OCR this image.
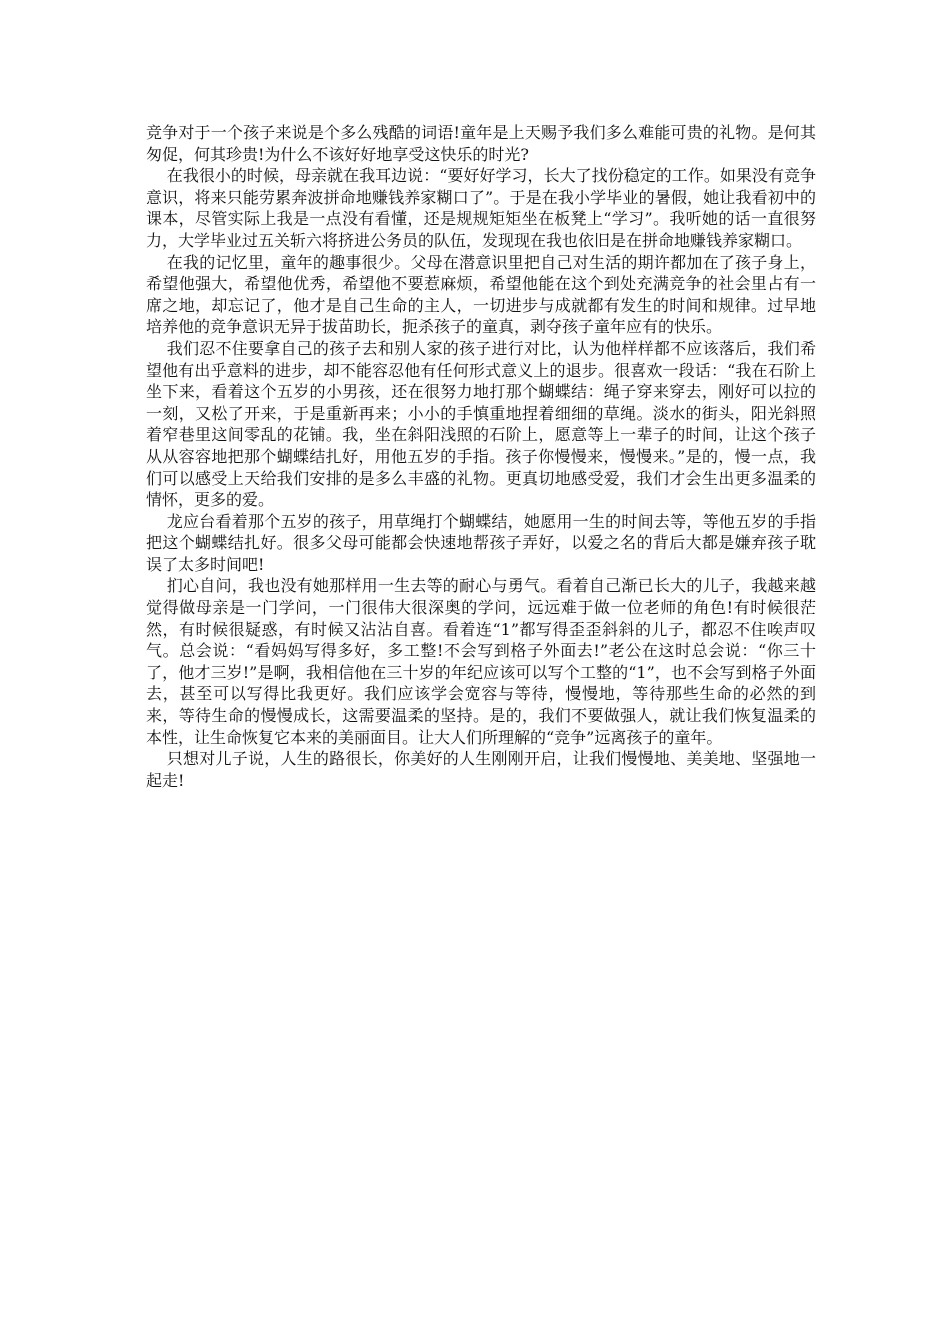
竞争对于一个孩子来说是个多么残酷的词语!童年是上天赐予我们多么难能可贵的礼物。是何其匆促，何其珍贵!为什么不该好好地享受这快乐的时光?

在我很小的时候，母亲就在我耳边说：“要好好学习，长大了找份稳定的工作。如果没有竞争意识，将来只能劳累奔波拼命地赚钱养家糊口了”。于是在我小学毕业的暑假，她让我看初中的课本，尽管实际上我是一点没有看懂，还是规规矩矩坐在板凳上“学习”。我听她的话一直很努力，大学毕业过五关斩六将挤进公务员的队伍，发现现在我也依旧是在拼命地赚钱养家糊口。

在我的记忆里，童年的趣事很少。父母在潜意识里把自己对生活的期许都加在了孩子身上，希望他强大，希望他优秀，希望他不要惹麻烦，希望他能在这个到处充满竞争的社会里占有一席之地，却忘记了，他才是自己生命的主人，一切进步与成就都有发生的时间和规律。过早地培养他的竞争意识无异于拔苗助长，扼杀孩子的童真，剥夺孩子童年应有的快乐。

我们忍不住要拿自己的孩子去和别人家的孩子进行对比，认为他样样都不应该落后，我们希望他有出乎意料的进步，却不能容忍他有任何形式意义上的退步。很喜欢一段话：“我在石阶上坐下来，看着这个五岁的小男孩，还在很努力地打那个蝴蝶结：绳子穿来穿去，刚好可以拉的一刻，又松了开来，于是重新再来；小小的手慎重地捏着细细的草绳。淡水的街头，阳光斜照着窄巷里这间零乱的花铺。我，坐在斜阳浅照的石阶上，愿意等上一辈子的时间，让这个孩子从从容容地把那个蝴蝶结扎好，用他五岁的手指。孩子你慢慢来，慢慢来。”是的，慢一点，我们可以感受上天给我们安排的是多么丰盛的礼物。更真切地感受爱，我们才会生出更多温柔的情怀，更多的爱。

龙应台看着那个五岁的孩子，用草绳打个蝴蝶结，她愿用一生的时间去等，等他五岁的手指把这个蝴蝶结扎好。很多父母可能都会快速地帮孩子弄好，以爱之名的背后大都是嫌弃孩子耽误了太多时间吧!

扪心自问，我也没有她那样用一生去等的耐心与勇气。看着自己渐已长大的儿子，我越来越觉得做母亲是一门学问，一门很伟大很深奥的学问，远远难于做一位老师的角色!有时候很茫然，有时候很疑惑，有时候又沾沾自喜。看着连“1”都写得歪歪斜斜的儿子，都忍不住唉声叹气。总会说：“看妈妈写得多好，多工整!不会写到格子外面去!”老公在这时总会说：“你三十了，他才三岁!”是啊，我相信他在三十岁的年纪应该可以写个工整的“1”，也不会写到格子外面去，甚至可以写得比我更好。我们应该学会宽容与等待，慢慢地，等待那些生命的必然的到来，等待生命的慢慢成长，这需要温柔的坚持。是的，我们不要做强人，就让我们恢复温柔的本性，让生命恢复它本来的美丽面目。让大人们所理解的“竞争”远离孩子的童年。

只想对儿子说，人生的路很长，你美好的人生刚刚开启，让我们慢慢地、美美地、坚强地一起走!
